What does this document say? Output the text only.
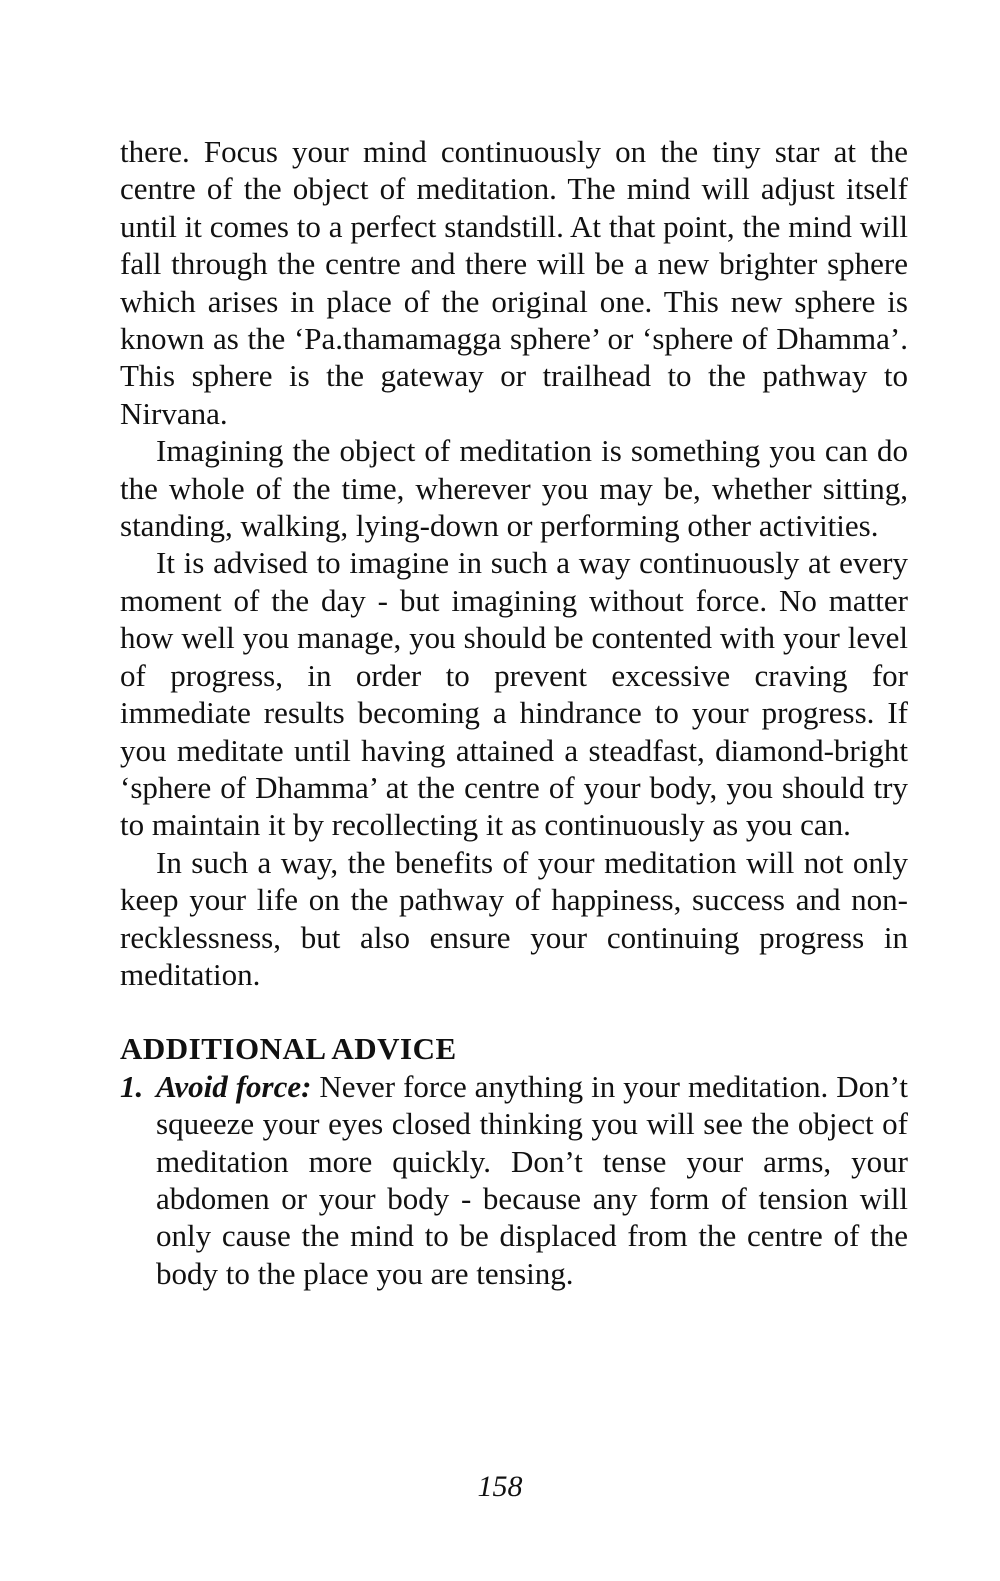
there. Focus your mind continuously on the tiny star at the centre of the object of meditation. The mind will adjust itself until it comes to a perfect standstill. At that point, the mind will fall through the centre and there will be a new brighter sphere which arises in place of the original one. This new sphere is known as the ‘Pa.thamamagga sphere’ or ‘sphere of Dhamma’. This sphere is the gateway or trailhead to the pathway to Nirvana.

Imagining the object of meditation is something you can do the whole of the time, wherever you may be, whether sitting, standing, walking, lying-down or performing other activities.

It is advised to imagine in such a way continuously at every moment of the day - but imagining without force. No matter how well you manage, you should be contented with your level of progress, in order to prevent excessive craving for immediate results becoming a hindrance to your progress. If you meditate until having attained a steadfast, diamond-bright ‘sphere of Dhamma’ at the centre of your body, you should try to maintain it by recollecting it as continuously as you can.

In such a way, the benefits of your meditation will not only keep your life on the pathway of happiness, success and non-recklessness, but also ensure your continuing progress in meditation.

ADDITIONAL ADVICE

1. Avoid force: Never force anything in your meditation. Don’t squeeze your eyes closed thinking you will see the object of meditation more quickly. Don’t tense your arms, your abdomen or your body - because any form of tension will only cause the mind to be displaced from the centre of the body to the place you are tensing.

158
